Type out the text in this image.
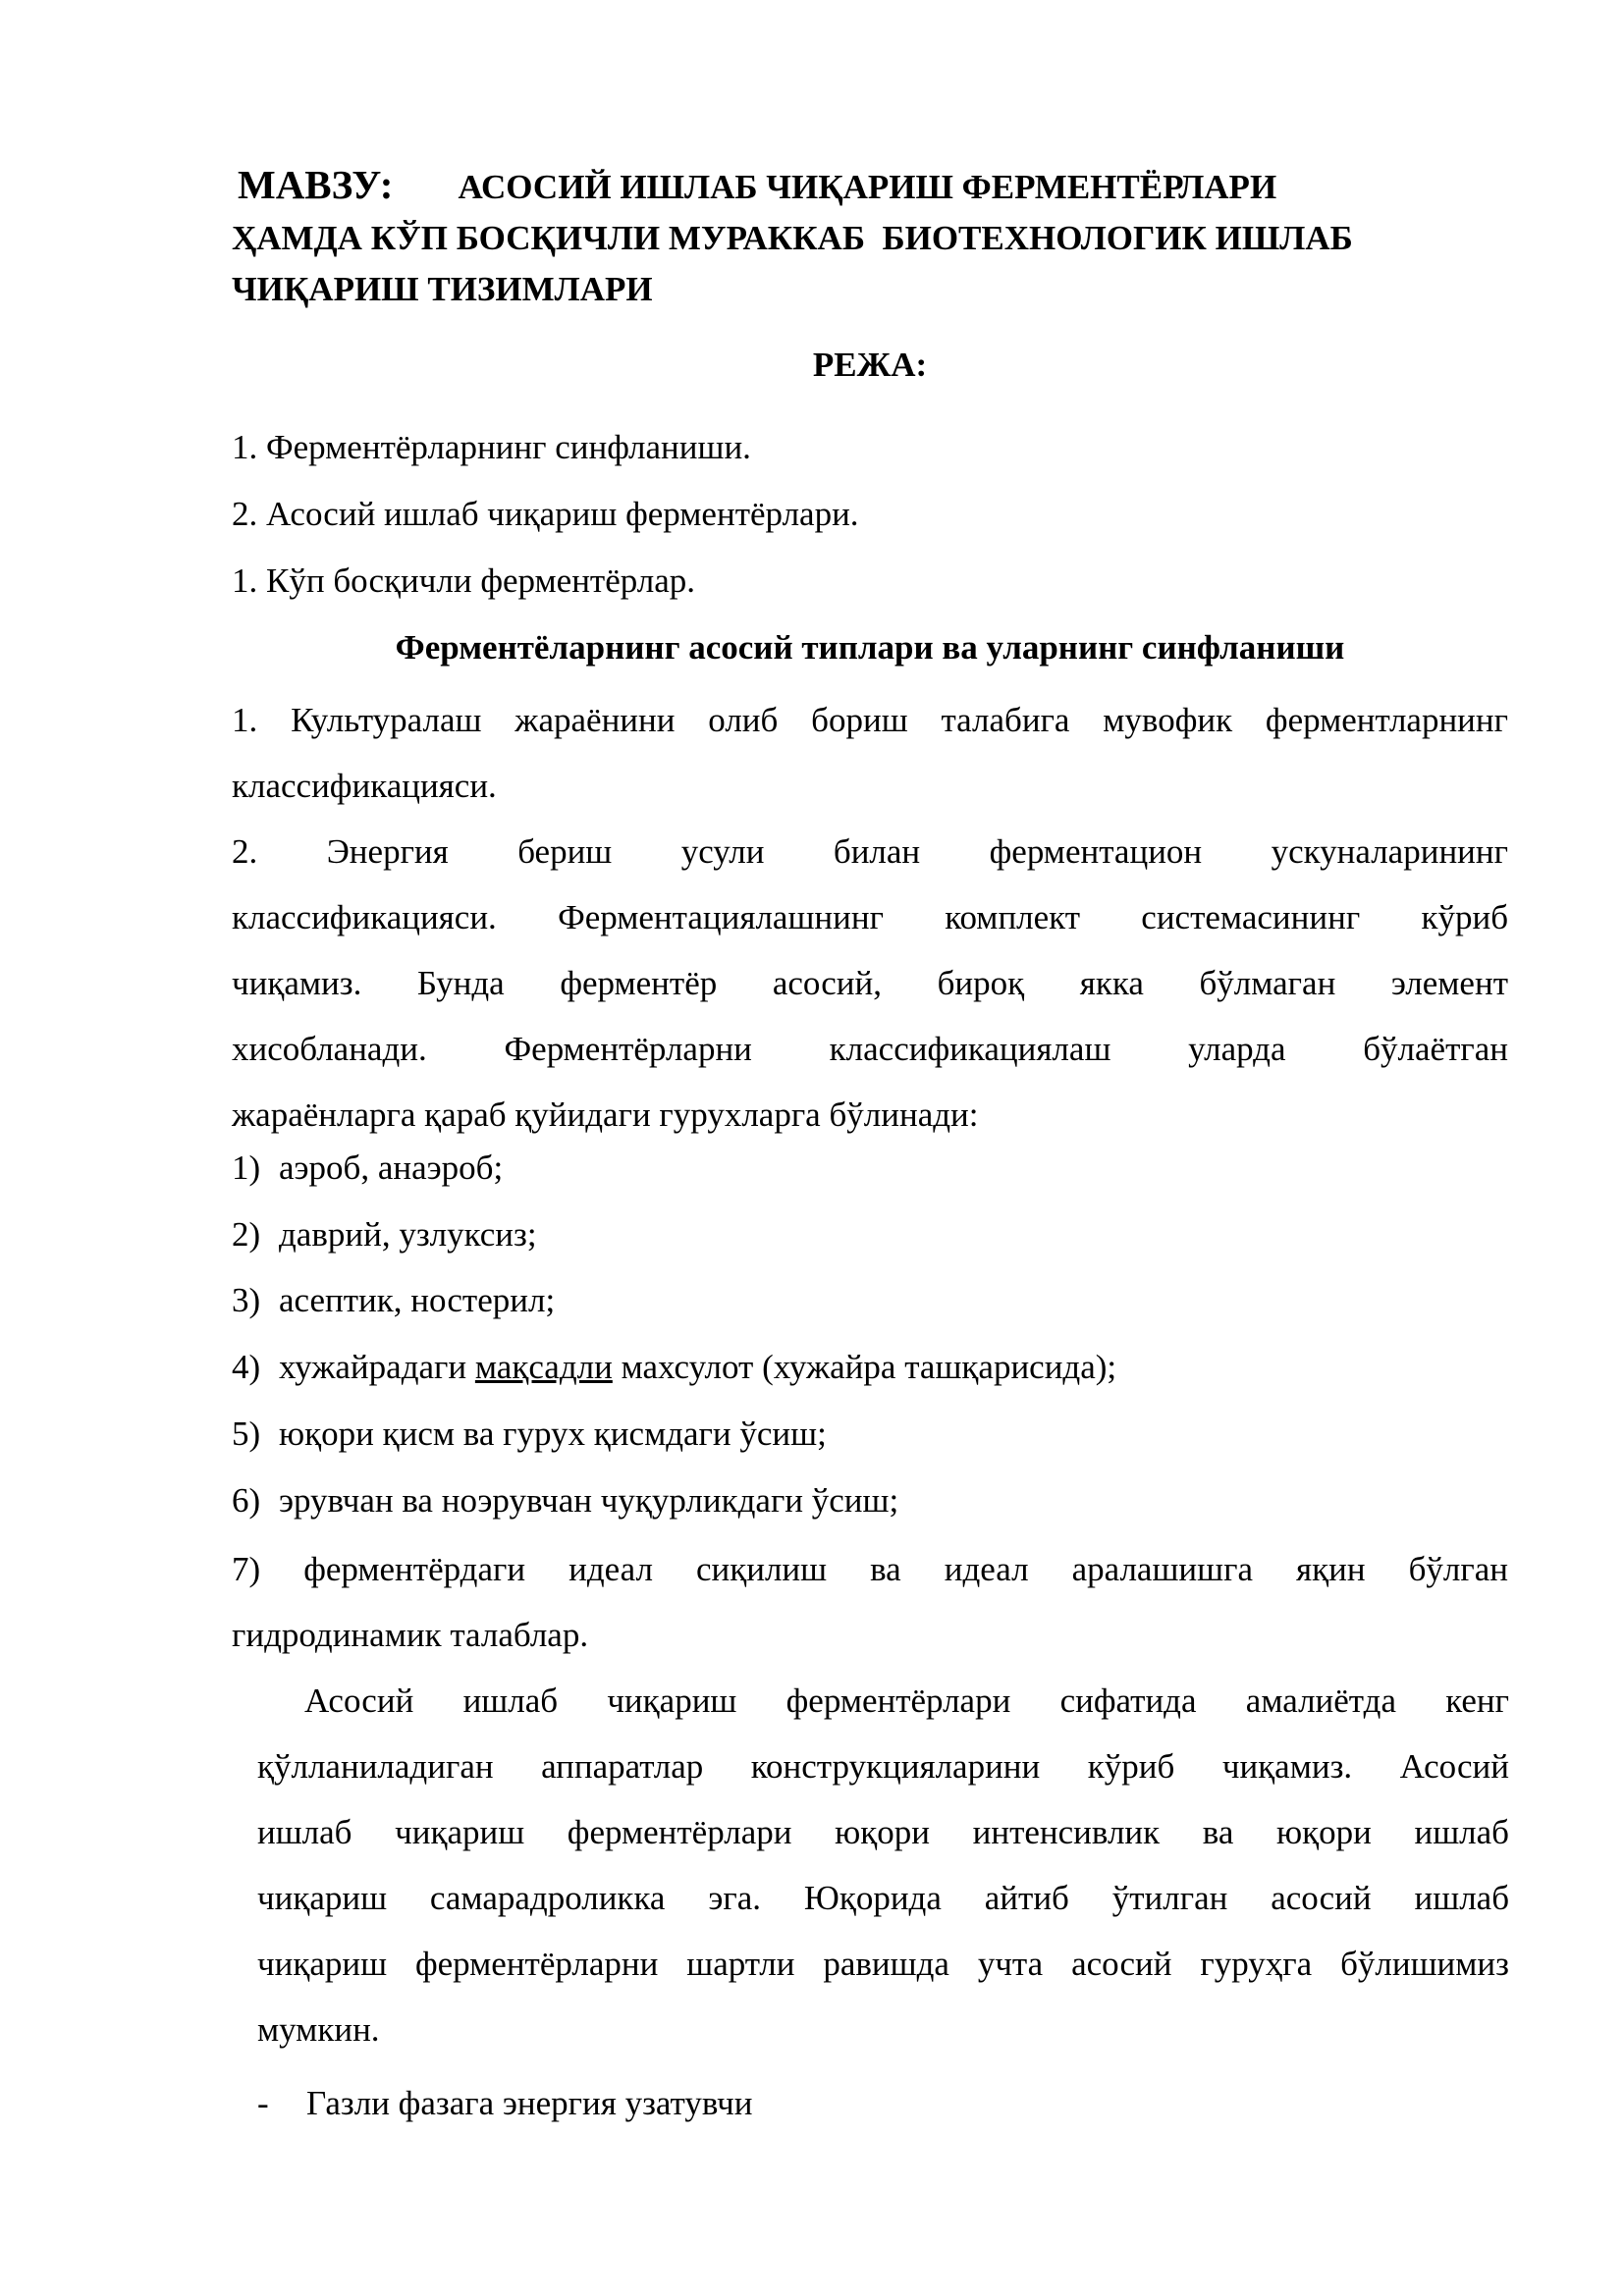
МАВЗУ: АСОСИЙ ИШЛАБ ЧИҚАРИШ ФЕРМЕНТЁРЛАРИ
ҲАМДА КЎП БОСҚИЧЛИ МУРАККАБ  БИОТЕХНОЛОГИК ИШЛАБ
ЧИҚАРИШ ТИЗИМЛАРИ
РЕЖА:
1. Ферментёрларнинг синфланиши.
2. Асосий ишлаб чиқариш ферментёрлари.
1. Кўп босқичли ферментёрлар.
Ферментёларнинг асосий типлари ва уларнинг синфланиши
1. Культуралаш жараёнини олиб бориш талабига мувофик ферментларнинг
классификацияси.
2. Энергия бериш усули билан ферментацион ускуналарининг
классификацияси. Ферментациялашнинг комплект системасининг кўриб
чиқамиз. Бунда ферментёр асосий, бироқ якка бўлмаган элемент
хисобланади. Ферментёрларни классификациялаш уларда бўлаётган
жараёнларга қараб қуйидаги гурухларга бўлинади:
1) аэроб, анаэроб;
2) даврий, узлуксиз;
3) асептик, ностерил;
4) хужайрадаги мақсадли махсулот (хужайра ташқарисида);
5) юқори қисм ва гурух қисмдаги ўсиш;
6) эрувчан ва ноэрувчан чуқурликдаги ўсиш;
7) ферментёрдаги идеал сиқилиш ва идеал аралашишга яқин бўлган
гидродинамик талаблар.
Асосий ишлаб чиқариш ферментёрлари сифатида амалиётда кенг
қўлланиладиган аппаратлар конструкцияларини кўриб чиқамиз. Асосий
ишлаб чиқариш ферментёрлари юқори интенсивлик ва юқори ишлаб
чиқариш самарадроликка эга. Юқорида айтиб ўтилган асосий ишлаб
чиқариш ферментёрларни шартли равишда учта асосий гуруҳга бўлишимиз
мумкин.
- Газли фазага энергия узатувчи
